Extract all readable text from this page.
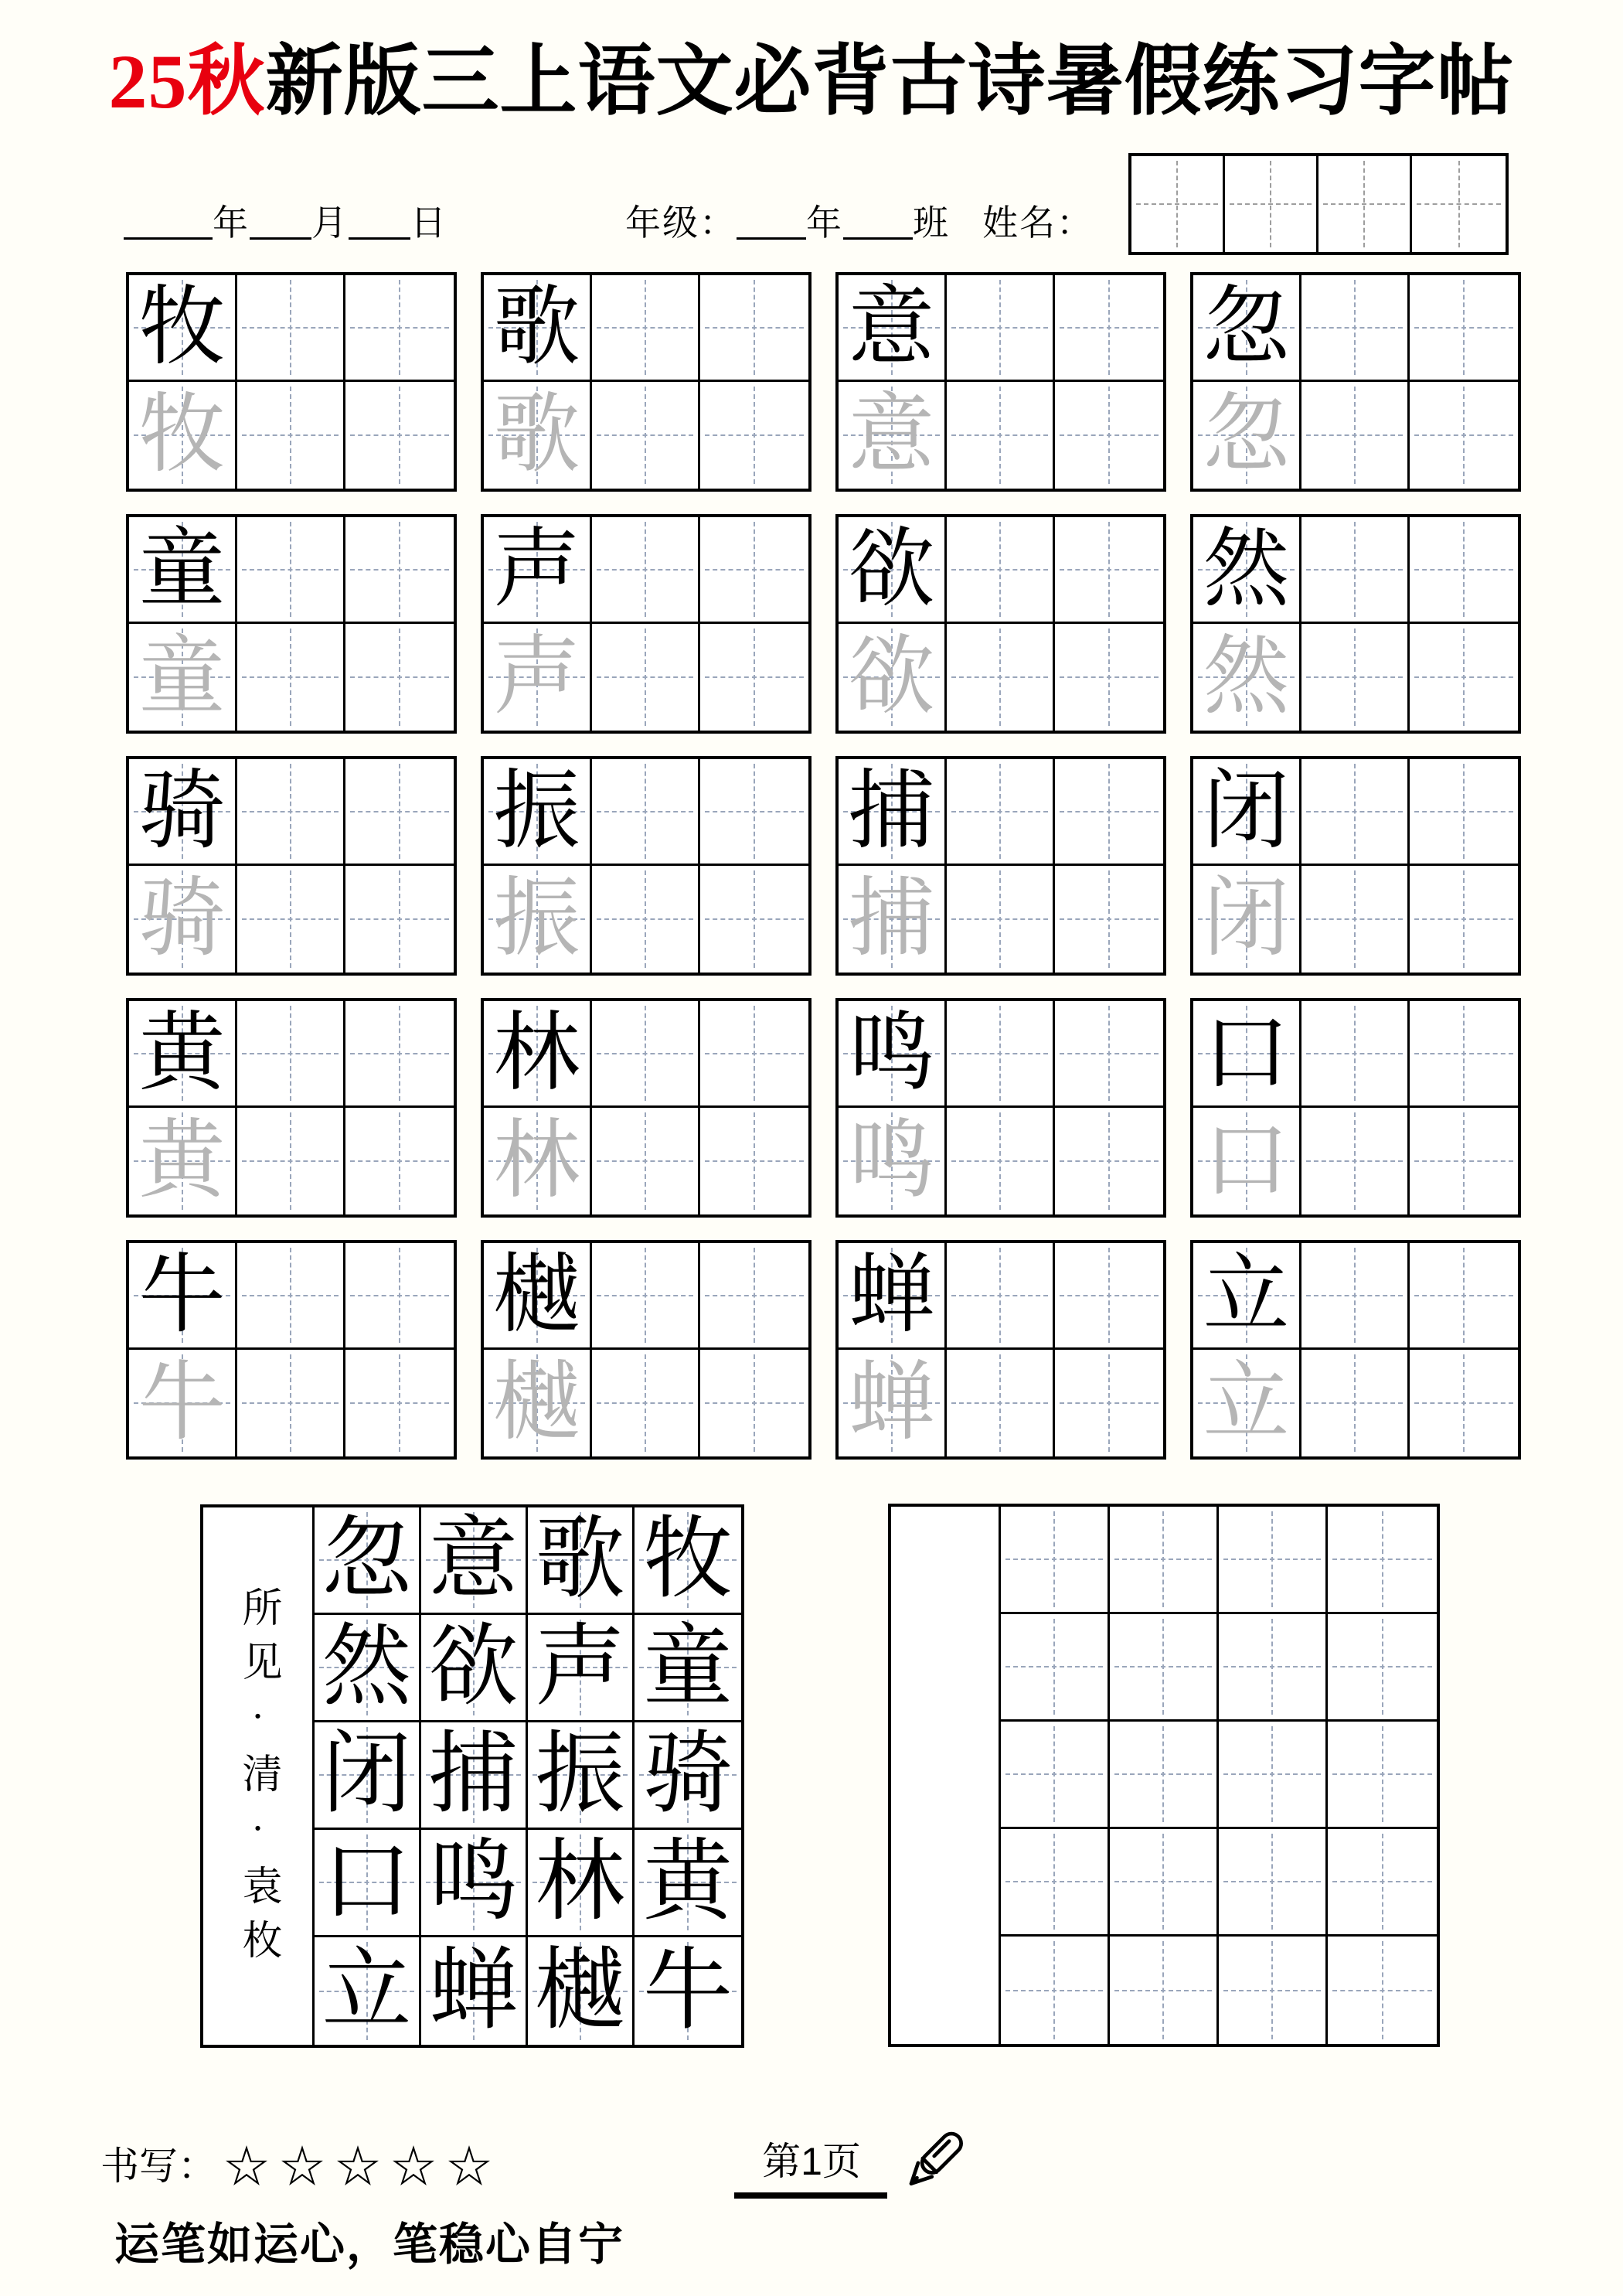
25秋新版三上语文必背古诗暑假练习字帖
年 月 日	年级： 年 班 姓名：
牧
牧
歌
歌
意
意
忽
忽
童
童
声
声
欲
欲
然
然
骑
骑
振
振
捕
捕
闭
闭
黄
黄
林
林
鸣
鸣
口
口
牛
牛
樾
樾
蝉
蝉
立
立
所见·清·袁枚
忽 意 歌 牧
然 欲 声 童
闭 捕 振 骑
口 鸣 林 黄
立 蝉 樾 牛
书写： ☆☆☆☆☆	第1页
运笔如运心，笔稳心自宁
